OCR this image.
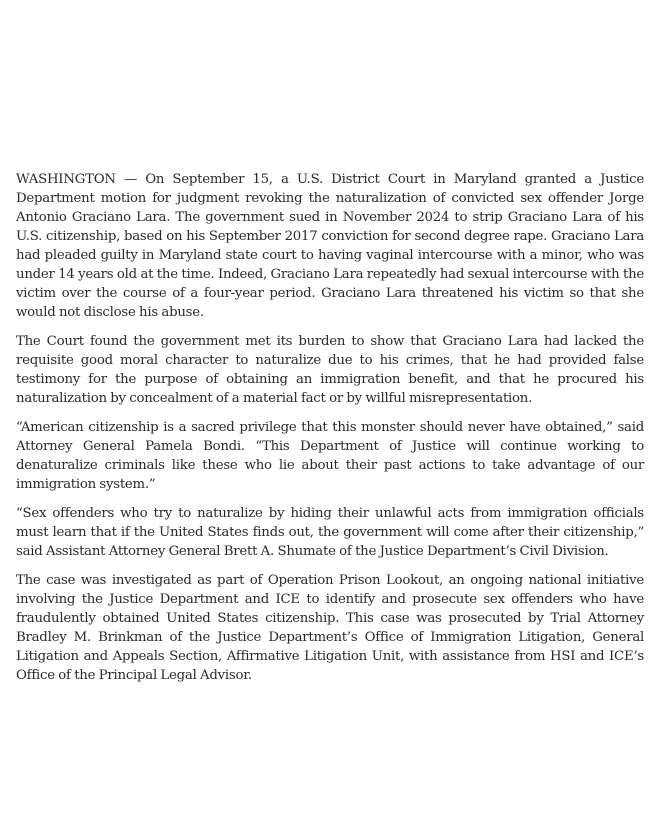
WASHINGTON — On September 15, a U.S. District Court in Maryland granted a Justice Department motion for judgment revoking the naturalization of convicted sex offender Jorge Antonio Graciano Lara. The government sued in November 2024 to strip Graciano Lara of his U.S. citizenship, based on his September 2017 conviction for second degree rape. Graciano Lara had pleaded guilty in Maryland state court to having vaginal intercourse with a minor, who was under 14 years old at the time. Indeed, Graciano Lara repeatedly had sexual intercourse with the victim over the course of a four-year period. Graciano Lara threatened his victim so that she would not disclose his abuse.

The Court found the government met its burden to show that Graciano Lara had lacked the requisite good moral character to naturalize due to his crimes, that he had provided false testimony for the purpose of obtaining an immigration benefit, and that he procured his naturalization by concealment of a material fact or by willful misrepresentation.

“American citizenship is a sacred privilege that this monster should never have obtained,” said Attorney General Pamela Bondi. “This Department of Justice will continue working to denaturalize criminals like these who lie about their past actions to take advantage of our immigration system.”

“Sex offenders who try to naturalize by hiding their unlawful acts from immigration officials must learn that if the United States finds out, the government will come after their citizenship,” said Assistant Attorney General Brett A. Shumate of the Justice Department’s Civil Division.

The case was investigated as part of Operation Prison Lookout, an ongoing national initiative involving the Justice Department and ICE to identify and prosecute sex offenders who have fraudulently obtained United States citizenship. This case was prosecuted by Trial Attorney Bradley M. Brinkman of the Justice Department’s Office of Immigration Litigation, General Litigation and Appeals Section, Affirmative Litigation Unit, with assistance from HSI and ICE’s Office of the Principal Legal Advisor.
